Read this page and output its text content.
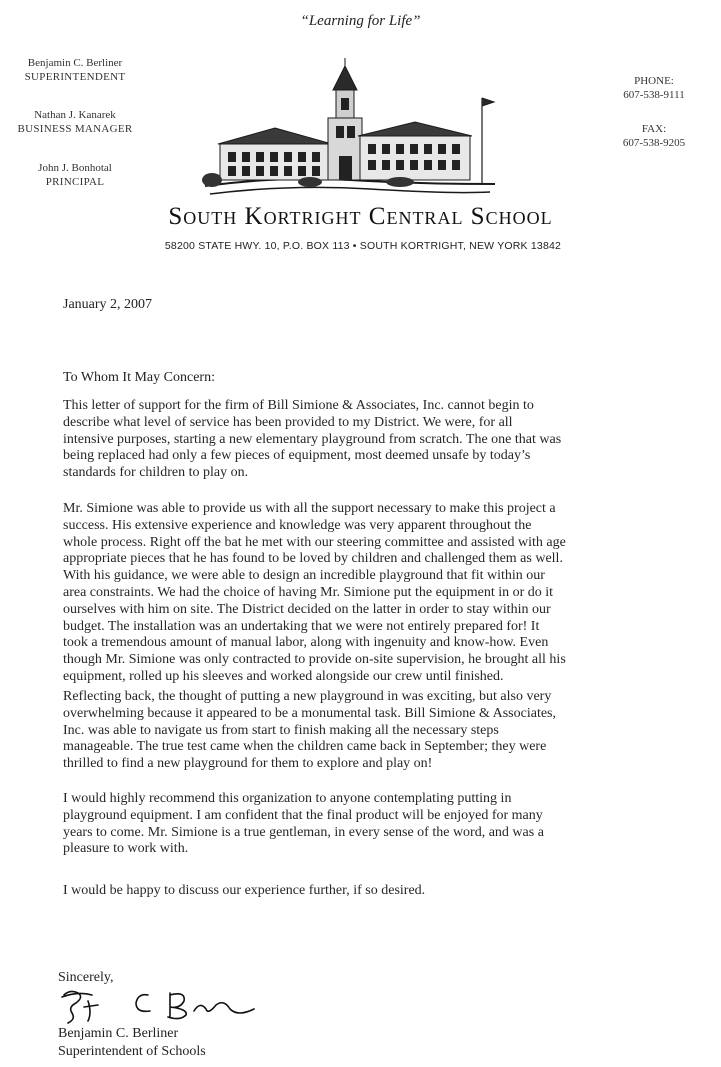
“Learning for Life”
Benjamin C. Berliner
SUPERINTENDENT
Nathan J. Kanarek
BUSINESS MANAGER
John J. Bonhotal
PRINCIPAL
PHONE:
607-538-9111
FAX:
607-538-9205
South Kortright Central School
58200 STATE HWY. 10, P.O. BOX 113 • SOUTH KORTRIGHT, NEW YORK 13842
January 2, 2007
To Whom It May Concern:

This letter of support for the firm of Bill Simione & Associates, Inc. cannot begin to
describe what level of service has been provided to my District. We were, for all
intensive purposes, starting a new elementary playground from scratch. The one that was
being replaced had only a few pieces of equipment, most deemed unsafe by today’s
standards for children to play on.

Mr. Simione was able to provide us with all the support necessary to make this project a
success. His extensive experience and knowledge was very apparent throughout the
whole process. Right off the bat he met with our steering committee and assisted with age
appropriate pieces that he has found to be loved by children and challenged them as well.
With his guidance, we were able to design an incredible playground that fit within our
area constraints. We had the choice of having Mr. Simione put the equipment in or do it
ourselves with him on site. The District decided on the latter in order to stay within our
budget. The installation was an undertaking that we were not entirely prepared for! It
took a tremendous amount of manual labor, along with ingenuity and know-how. Even
though Mr. Simione was only contracted to provide on-site supervision, he brought all his
equipment, rolled up his sleeves and worked alongside our crew until finished.

Reflecting back, the thought of putting a new playground in was exciting, but also very
overwhelming because it appeared to be a monumental task. Bill Simione & Associates,
Inc. was able to navigate us from start to finish making all the necessary steps
manageable. The true test came when the children came back in September; they were
thrilled to find a new playground for them to explore and play on!

I would highly recommend this organization to anyone contemplating putting in
playground equipment. I am confident that the final product will be enjoyed for many
years to come. Mr. Simione is a true gentleman, in every sense of the word, and was a
pleasure to work with.

I would be happy to discuss our experience further, if so desired.

Sincerely,
Benjamin C. Berliner
Superintendent of Schools
